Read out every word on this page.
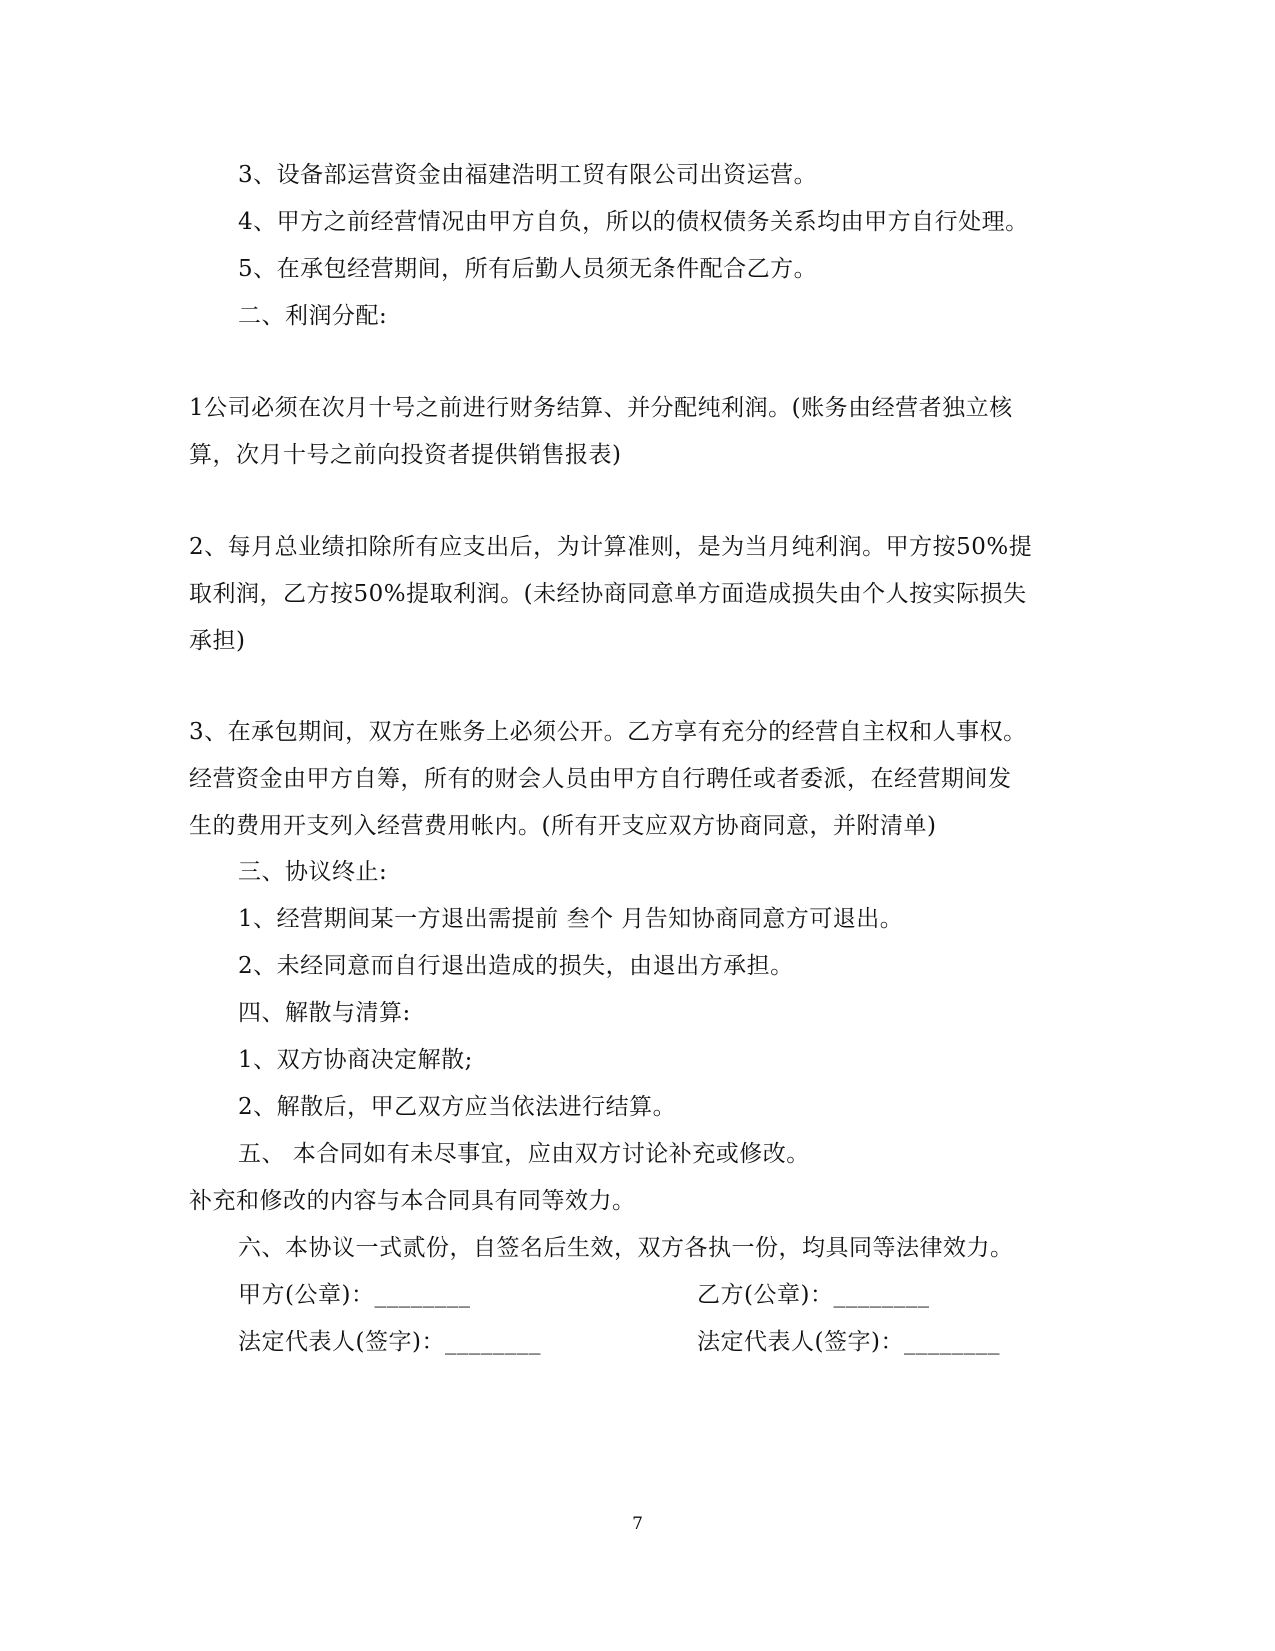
3、设备部运营资金由福建浩明工贸有限公司出资运营。
4、甲方之前经营情况由甲方自负，所以的债权债务关系均由甲方自行处理。
5、在承包经营期间，所有后勤人员须无条件配合乙方。
二、利润分配:
1公司必须在次月十号之前进行财务结算、并分配纯利润。(账务由经营者独立核
算，次月十号之前向投资者提供销售报表)
2、每月总业绩扣除所有应支出后，为计算准则，是为当月纯利润。甲方按50%提
取利润，乙方按50%提取利润。(未经协商同意单方面造成损失由个人按实际损失
承担)
3、在承包期间，双方在账务上必须公开。乙方享有充分的经营自主权和人事权。
经营资金由甲方自筹，所有的财会人员由甲方自行聘任或者委派，在经营期间发
生的费用开支列入经营费用帐内。(所有开支应双方协商同意，并附清单)
三、协议终止:
1、经营期间某一方退出需提前 叁个 月告知协商同意方可退出。
2、未经同意而自行退出造成的损失，由退出方承担。
四、解散与清算:
1、双方协商决定解散;
2、解散后，甲乙双方应当依法进行结算。
五、 本合同如有未尽事宜，应由双方讨论补充或修改。
补充和修改的内容与本合同具有同等效力。
六、本协议一式贰份，自签名后生效，双方各执一份，均具同等法律效力。
甲方(公章)：________	乙方(公章)：________
法定代表人(签字)：________	法定代表人(签字)：________
7
